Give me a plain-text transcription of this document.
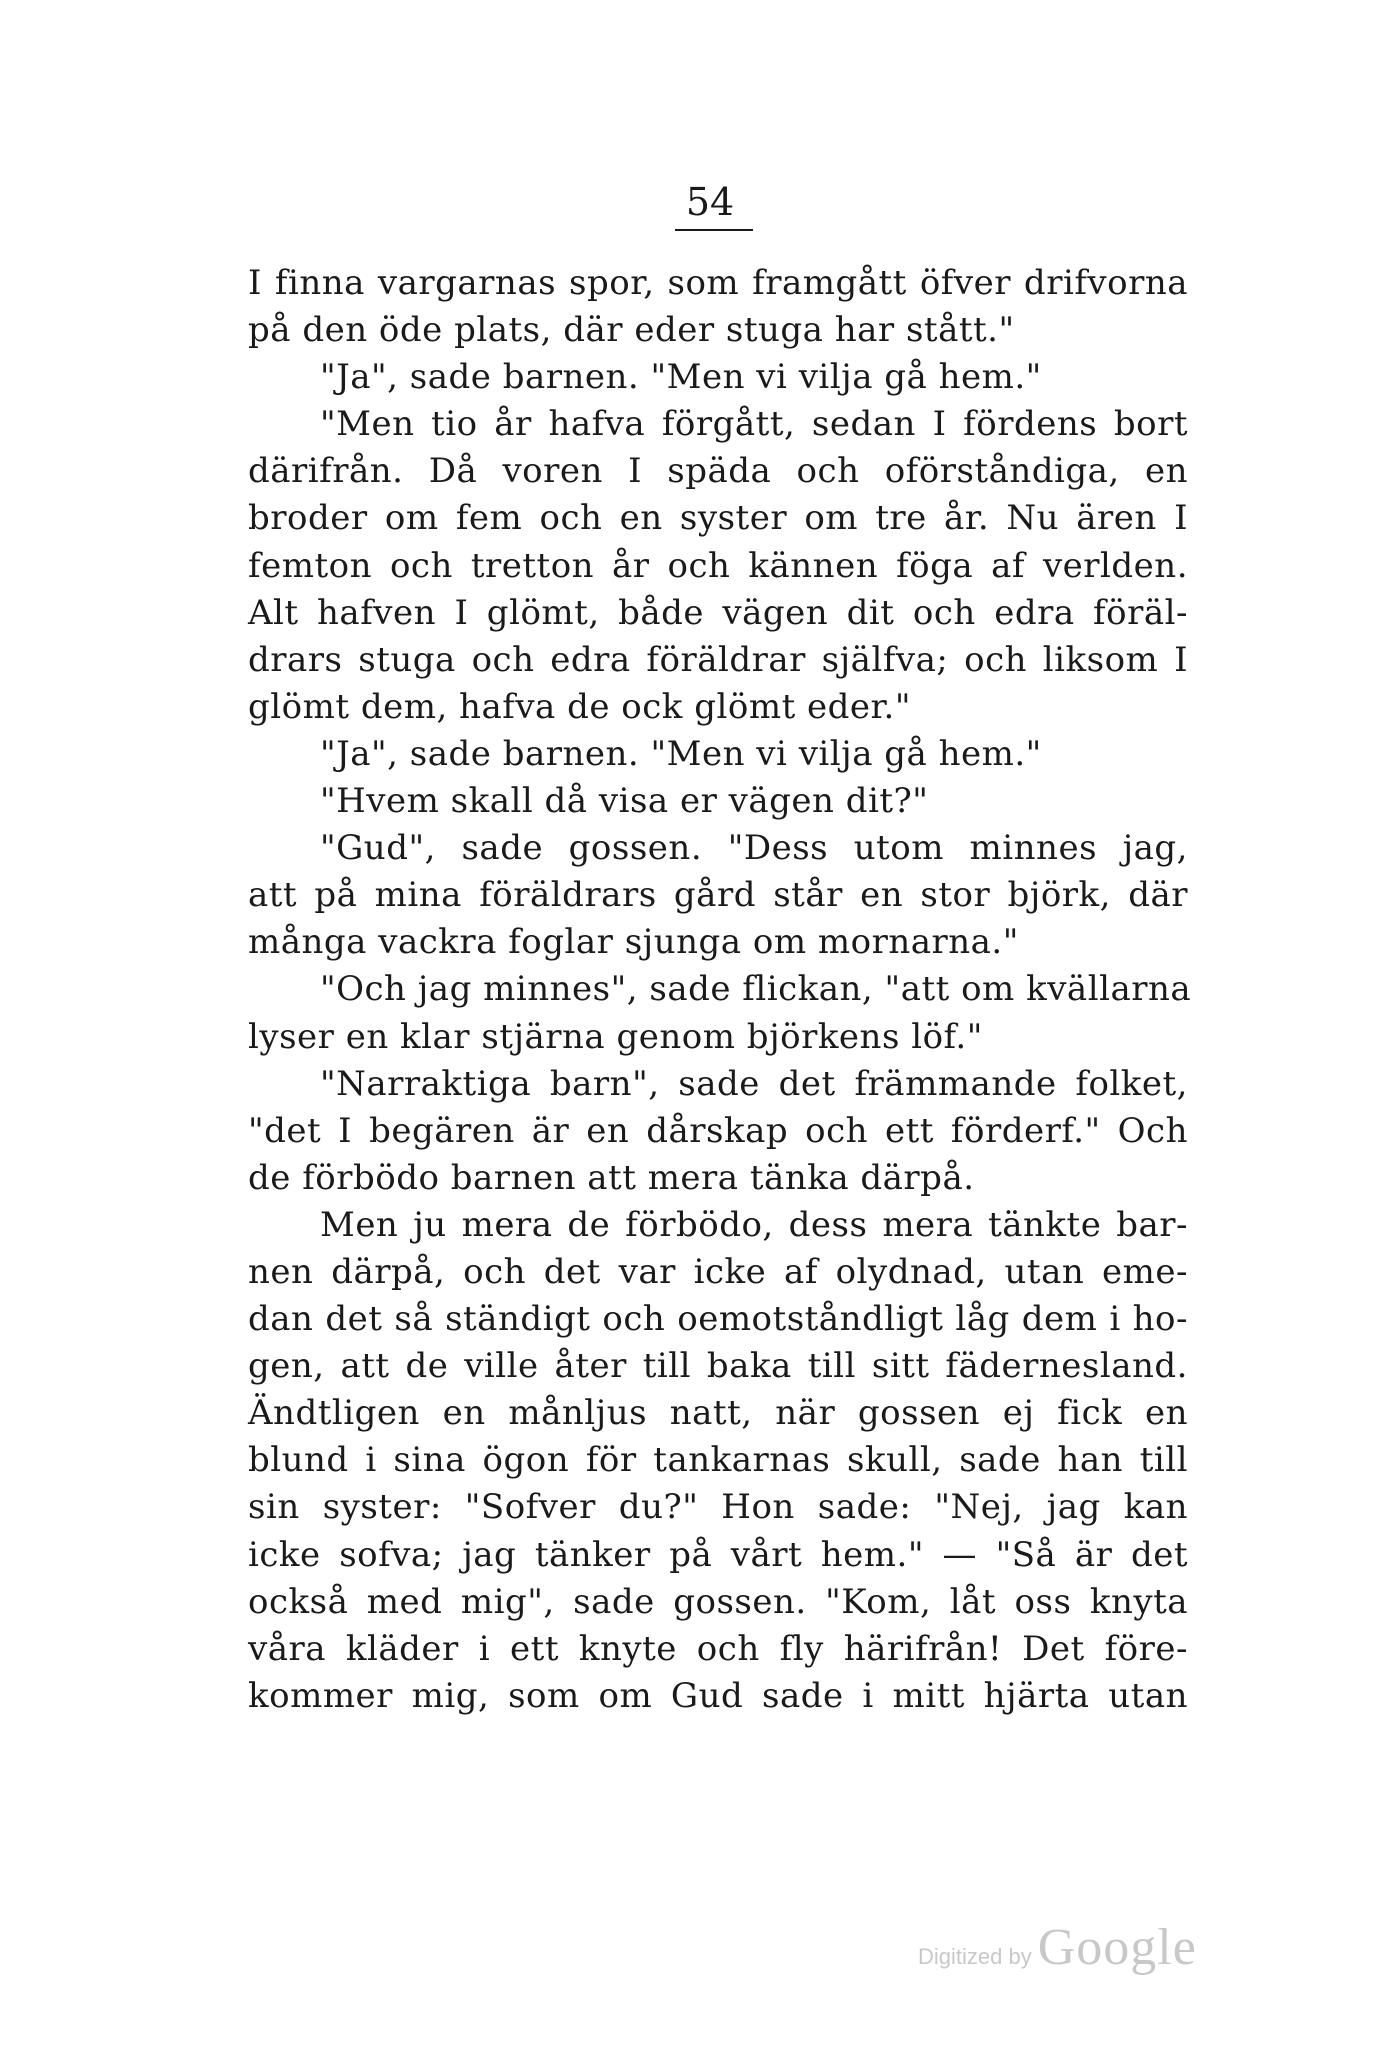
54
I finna vargarnas spor, som framgått öfver drifvorna
på den öde plats, där eder stuga har stått."
"Ja", sade barnen. "Men vi vilja gå hem."
"Men tio år hafva förgått, sedan I fördens bort
därifrån. Då voren I späda och oförståndiga, en
broder om fem och en syster om tre år. Nu ären I
femton och tretton år och kännen föga af verlden.
Alt hafven I glömt, både vägen dit och edra föräl-
drars stuga och edra föräldrar själfva; och liksom I
glömt dem, hafva de ock glömt eder."
"Ja", sade barnen. "Men vi vilja gå hem."
"Hvem skall då visa er vägen dit?"
"Gud", sade gossen. "Dess utom minnes jag,
att på mina föräldrars gård står en stor björk, där
många vackra foglar sjunga om mornarna."
"Och jag minnes", sade flickan, "att om kvällarna
lyser en klar stjärna genom björkens löf."
"Narraktiga barn", sade det främmande folket,
"det I begären är en dårskap och ett förderf." Och
de förbödo barnen att mera tänka därpå.
Men ju mera de förbödo, dess mera tänkte bar-
nen därpå, och det var icke af olydnad, utan eme-
dan det så ständigt och oemotståndligt låg dem i ho-
gen, att de ville åter till baka till sitt fädernesland.
Ändtligen en månljus natt, när gossen ej fick en
blund i sina ögon för tankarnas skull, sade han till
sin syster: "Sofver du?" Hon sade: "Nej, jag kan
icke sofva; jag tänker på vårt hem." — "Så är det
också med mig", sade gossen. "Kom, låt oss knyta
våra kläder i ett knyte och fly härifrån! Det före-
kommer mig, som om Gud sade i mitt hjärta utan
Digitized by Google
